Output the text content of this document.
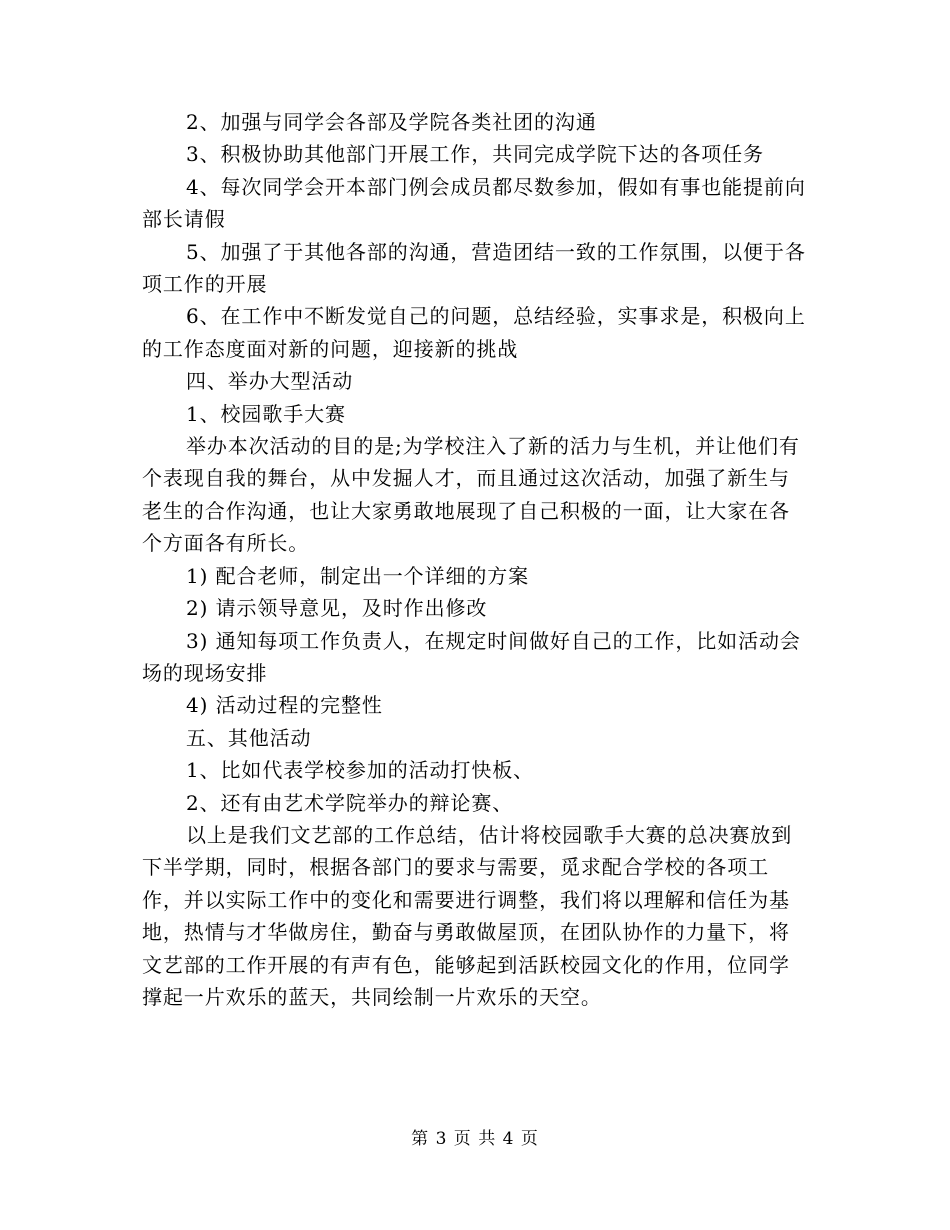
2、加强与同学会各部及学院各类社团的沟通

3、积极协助其他部门开展工作，共同完成学院下达的各项任务

4、每次同学会开本部门例会成员都尽数参加，假如有事也能提前向部长请假

5、加强了于其他各部的沟通，营造团结一致的工作氛围，以便于各项工作的开展

6、在工作中不断发觉自己的问题，总结经验，实事求是，积极向上的工作态度面对新的问题，迎接新的挑战

四、举办大型活动

1、校园歌手大赛

举办本次活动的目的是;为学校注入了新的活力与生机，并让他们有个表现自我的舞台，从中发掘人才，而且通过这次活动，加强了新生与老生的合作沟通，也让大家勇敢地展现了自己积极的一面，让大家在各个方面各有所长。

1) 配合老师，制定出一个详细的方案

2) 请示领导意见，及时作出修改

3) 通知每项工作负责人，在规定时间做好自己的工作，比如活动会场的现场安排

4) 活动过程的完整性

五、其他活动

1、比如代表学校参加的活动打快板、

2、还有由艺术学院举办的辩论赛、

以上是我们文艺部的工作总结，估计将校园歌手大赛的总决赛放到下半学期，同时，根据各部门的要求与需要，觅求配合学校的各项工作，并以实际工作中的变化和需要进行调整，我们将以理解和信任为基地，热情与才华做房住，勤奋与勇敢做屋顶，在团队协作的力量下，将文艺部的工作开展的有声有色，能够起到活跃校园文化的作用，位同学撑起一片欢乐的蓝天，共同绘制一片欢乐的天空。

第 3 页 共 4 页
